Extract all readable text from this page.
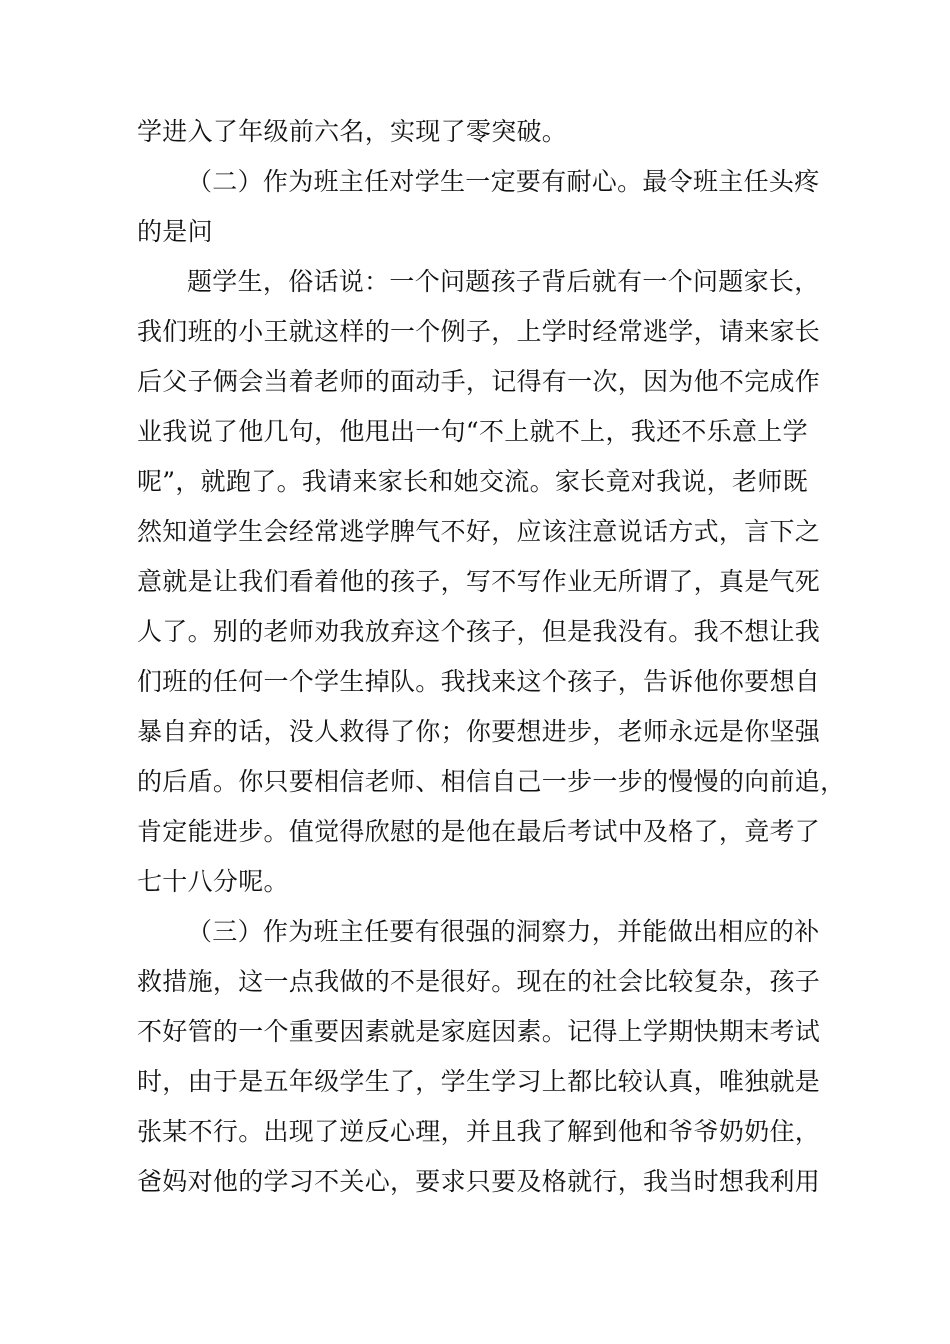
学进入了年级前六名，实现了零突破。
（二）作为班主任对学生一定要有耐心。最令班主任头疼
的是问
题学生，俗话说：一个问题孩子背后就有一个问题家长，
我们班的小王就这样的一个例子，上学时经常逃学，请来家长
后父子俩会当着老师的面动手，记得有一次，因为他不完成作
业我说了他几句，他甩出一句“不上就不上，我还不乐意上学
呢”，就跑了。我请来家长和她交流。家长竟对我说，老师既
然知道学生会经常逃学脾气不好，应该注意说话方式，言下之
意就是让我们看着他的孩子，写不写作业无所谓了，真是气死
人了。别的老师劝我放弃这个孩子，但是我没有。我不想让我
们班的任何一个学生掉队。我找来这个孩子，告诉他你要想自
暴自弃的话，没人救得了你；你要想进步，老师永远是你坚强
的后盾。你只要相信老师、相信自己一步一步的慢慢的向前追，
肯定能进步。值觉得欣慰的是他在最后考试中及格了，竟考了
七十八分呢。
（三）作为班主任要有很强的洞察力，并能做出相应的补
救措施，这一点我做的不是很好。现在的社会比较复杂，孩子
不好管的一个重要因素就是家庭因素。记得上学期快期末考试
时，由于是五年级学生了，学生学习上都比较认真，唯独就是
张某不行。出现了逆反心理，并且我了解到他和爷爷奶奶住，
爸妈对他的学习不关心，要求只要及格就行，我当时想我利用
